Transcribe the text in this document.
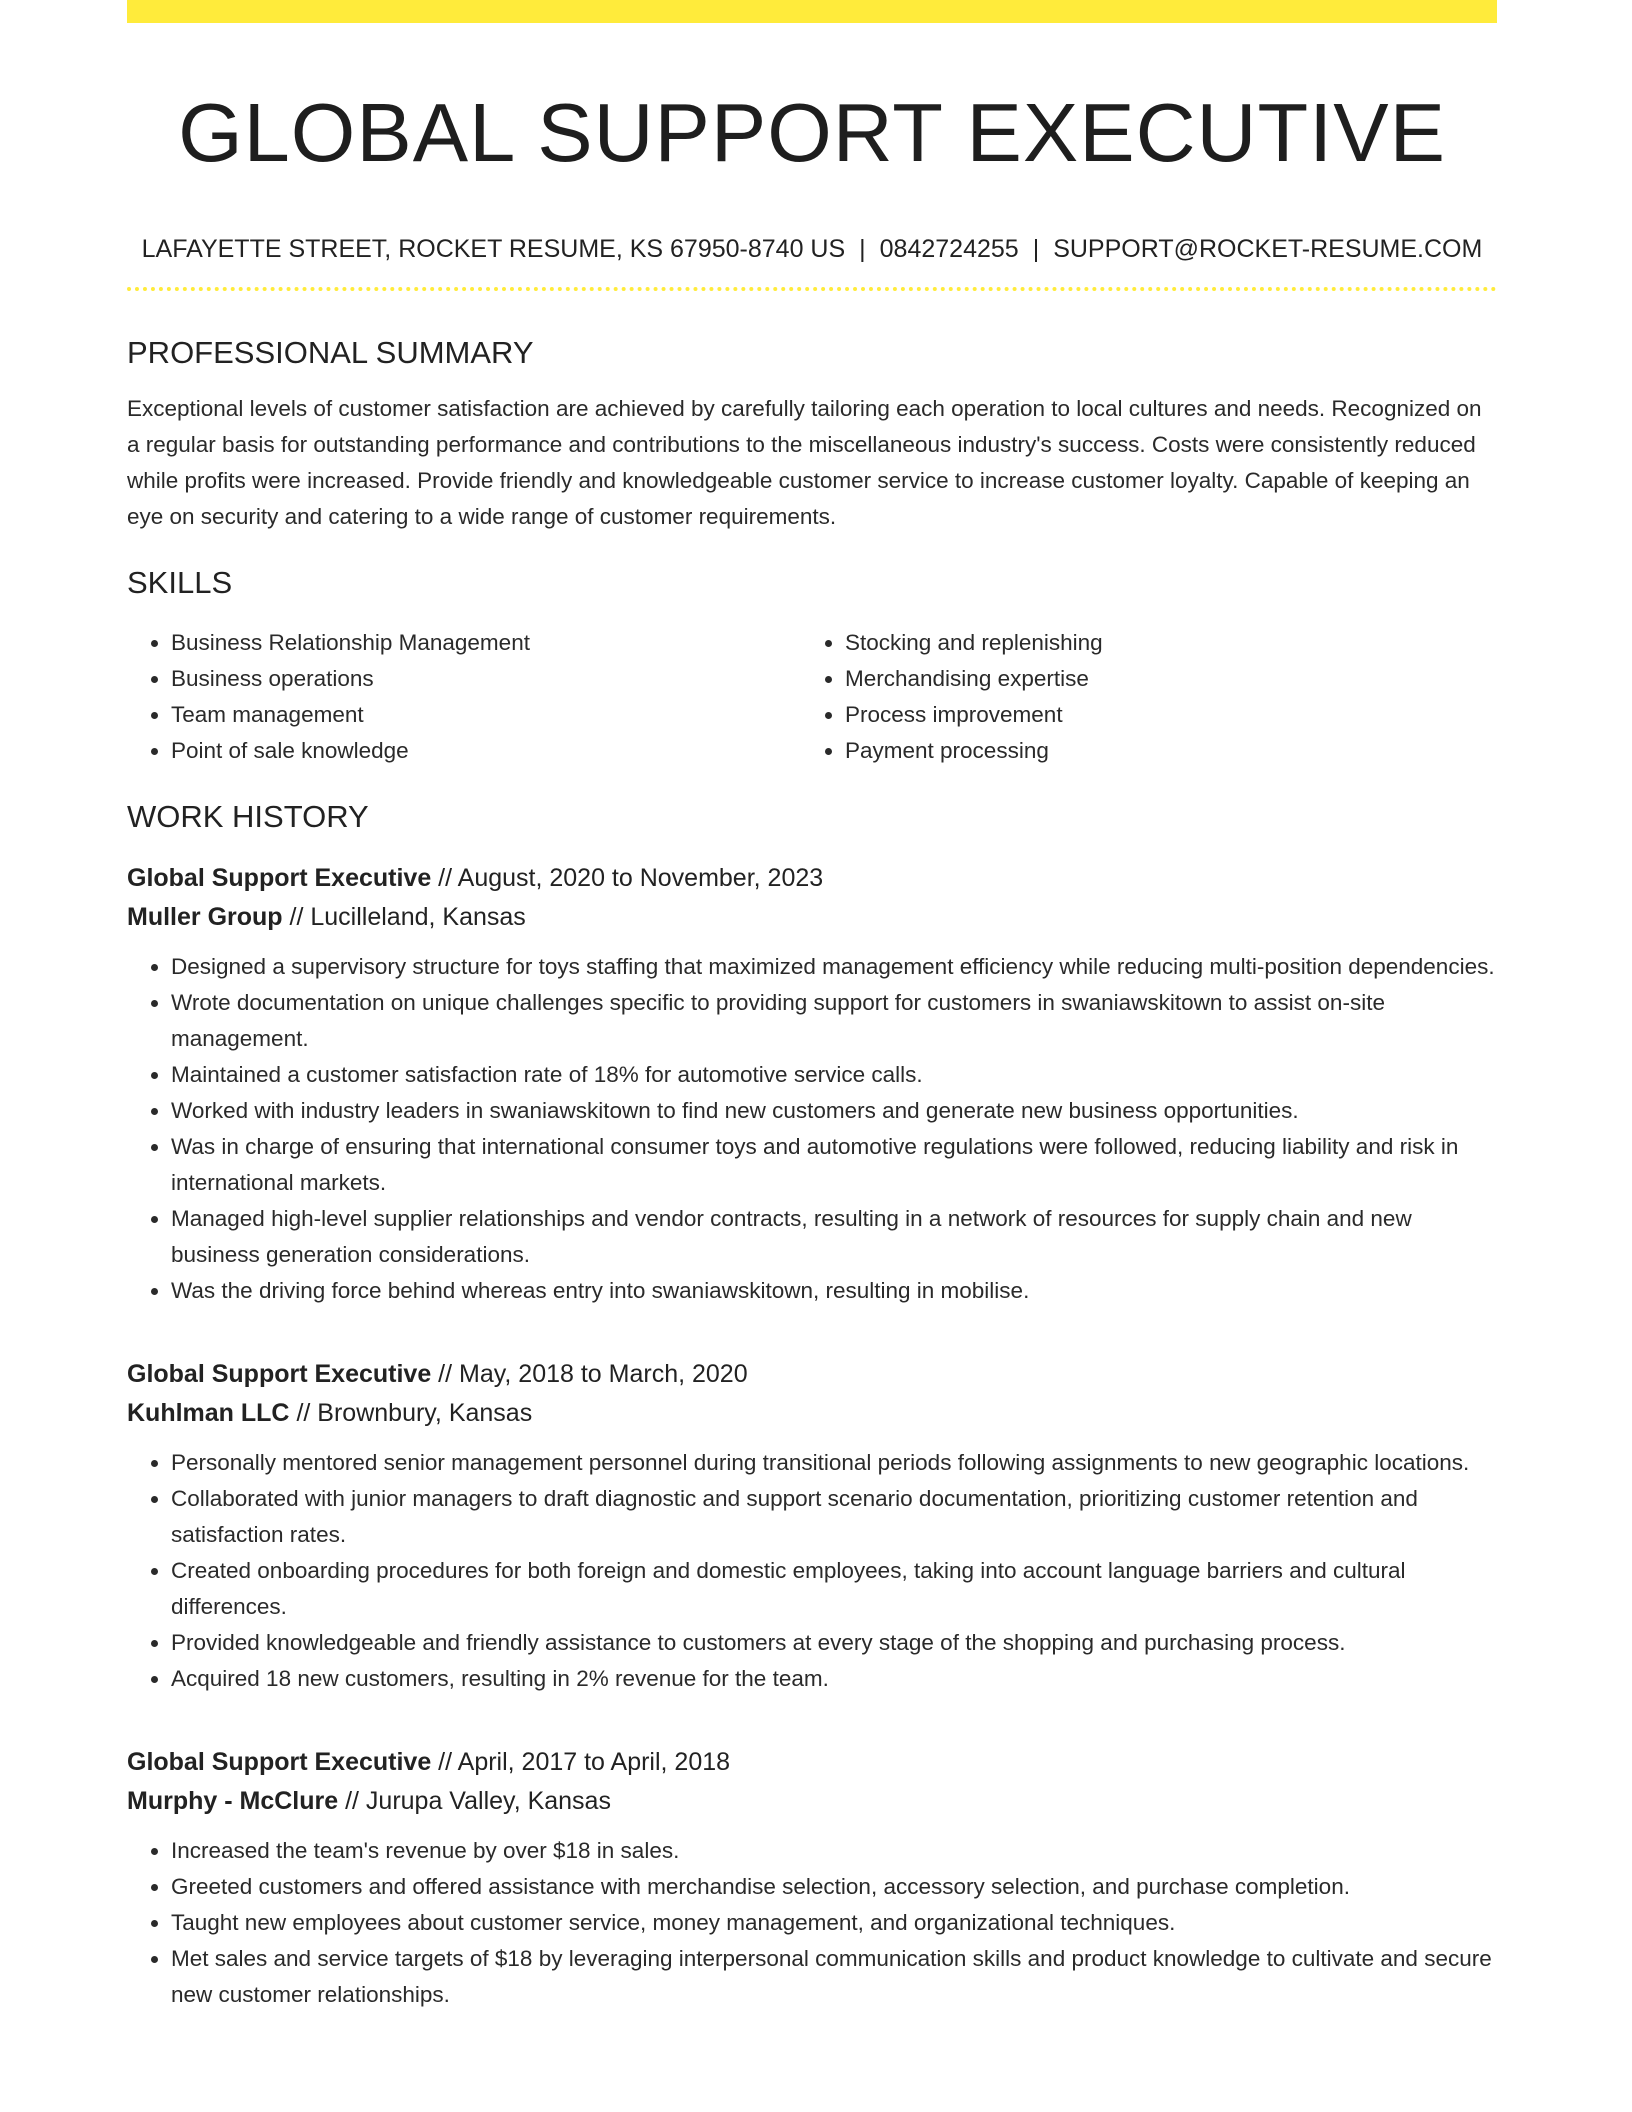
GLOBAL SUPPORT EXECUTIVE
LAFAYETTE STREET, ROCKET RESUME, KS 67950-8740 US | 0842724255 | SUPPORT@ROCKET-RESUME.COM
PROFESSIONAL SUMMARY
Exceptional levels of customer satisfaction are achieved by carefully tailoring each operation to local cultures and needs. Recognized on a regular basis for outstanding performance and contributions to the miscellaneous industry's success. Costs were consistently reduced while profits were increased. Provide friendly and knowledgeable customer service to increase customer loyalty. Capable of keeping an eye on security and catering to a wide range of customer requirements.
SKILLS
• Business Relationship Management
• Business operations
• Team management
• Point of sale knowledge
• Stocking and replenishing
• Merchandising expertise
• Process improvement
• Payment processing
WORK HISTORY
Global Support Executive // August, 2020 to November, 2023
Muller Group // Lucilleland, Kansas
• Designed a supervisory structure for toys staffing that maximized management efficiency while reducing multi-position dependencies.
• Wrote documentation on unique challenges specific to providing support for customers in swaniawskitown to assist on-site management.
• Maintained a customer satisfaction rate of 18% for automotive service calls.
• Worked with industry leaders in swaniawskitown to find new customers and generate new business opportunities.
• Was in charge of ensuring that international consumer toys and automotive regulations were followed, reducing liability and risk in international markets.
• Managed high-level supplier relationships and vendor contracts, resulting in a network of resources for supply chain and new business generation considerations.
• Was the driving force behind whereas entry into swaniawskitown, resulting in mobilise.
Global Support Executive // May, 2018 to March, 2020
Kuhlman LLC // Brownbury, Kansas
• Personally mentored senior management personnel during transitional periods following assignments to new geographic locations.
• Collaborated with junior managers to draft diagnostic and support scenario documentation, prioritizing customer retention and satisfaction rates.
• Created onboarding procedures for both foreign and domestic employees, taking into account language barriers and cultural differences.
• Provided knowledgeable and friendly assistance to customers at every stage of the shopping and purchasing process.
• Acquired 18 new customers, resulting in 2% revenue for the team.
Global Support Executive // April, 2017 to April, 2018
Murphy - McClure // Jurupa Valley, Kansas
• Increased the team's revenue by over $18 in sales.
• Greeted customers and offered assistance with merchandise selection, accessory selection, and purchase completion.
• Taught new employees about customer service, money management, and organizational techniques.
• Met sales and service targets of $18 by leveraging interpersonal communication skills and product knowledge to cultivate and secure new customer relationships.
